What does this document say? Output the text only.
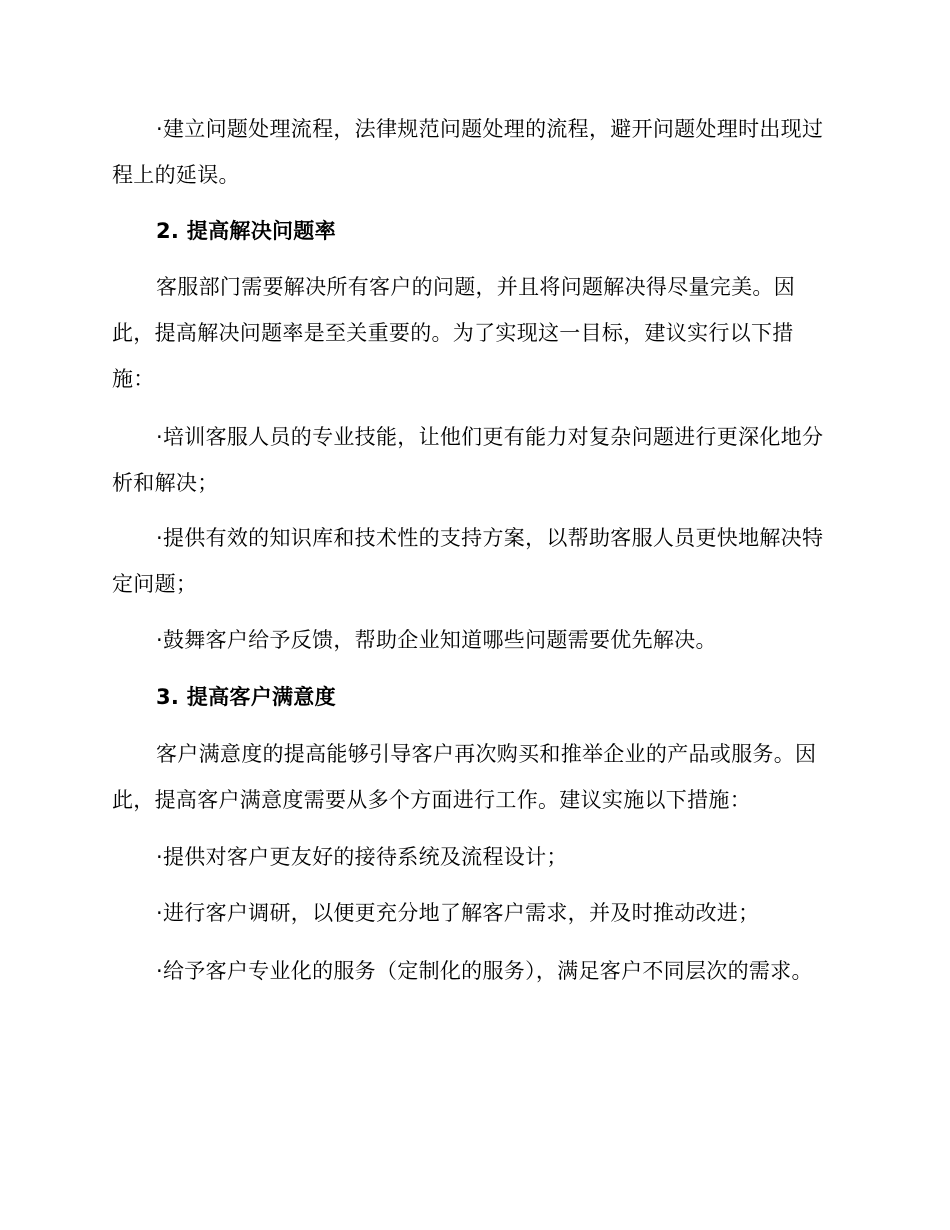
·建立问题处理流程，法律规范问题处理的流程，避开问题处理时出现过程上的延误。

2. 提高解决问题率

客服部门需要解决所有客户的问题，并且将问题解决得尽量完美。因此，提高解决问题率是至关重要的。为了实现这一目标，建议实行以下措施：

·培训客服人员的专业技能，让他们更有能力对复杂问题进行更深化地分析和解决；

·提供有效的知识库和技术性的支持方案，以帮助客服人员更快地解决特定问题；

·鼓舞客户给予反馈，帮助企业知道哪些问题需要优先解决。

3. 提高客户满意度

客户满意度的提高能够引导客户再次购买和推举企业的产品或服务。因此，提高客户满意度需要从多个方面进行工作。建议实施以下措施：

·提供对客户更友好的接待系统及流程设计；

·进行客户调研，以便更充分地了解客户需求，并及时推动改进；

·给予客户专业化的服务（定制化的服务），满足客户不同层次的需求。
